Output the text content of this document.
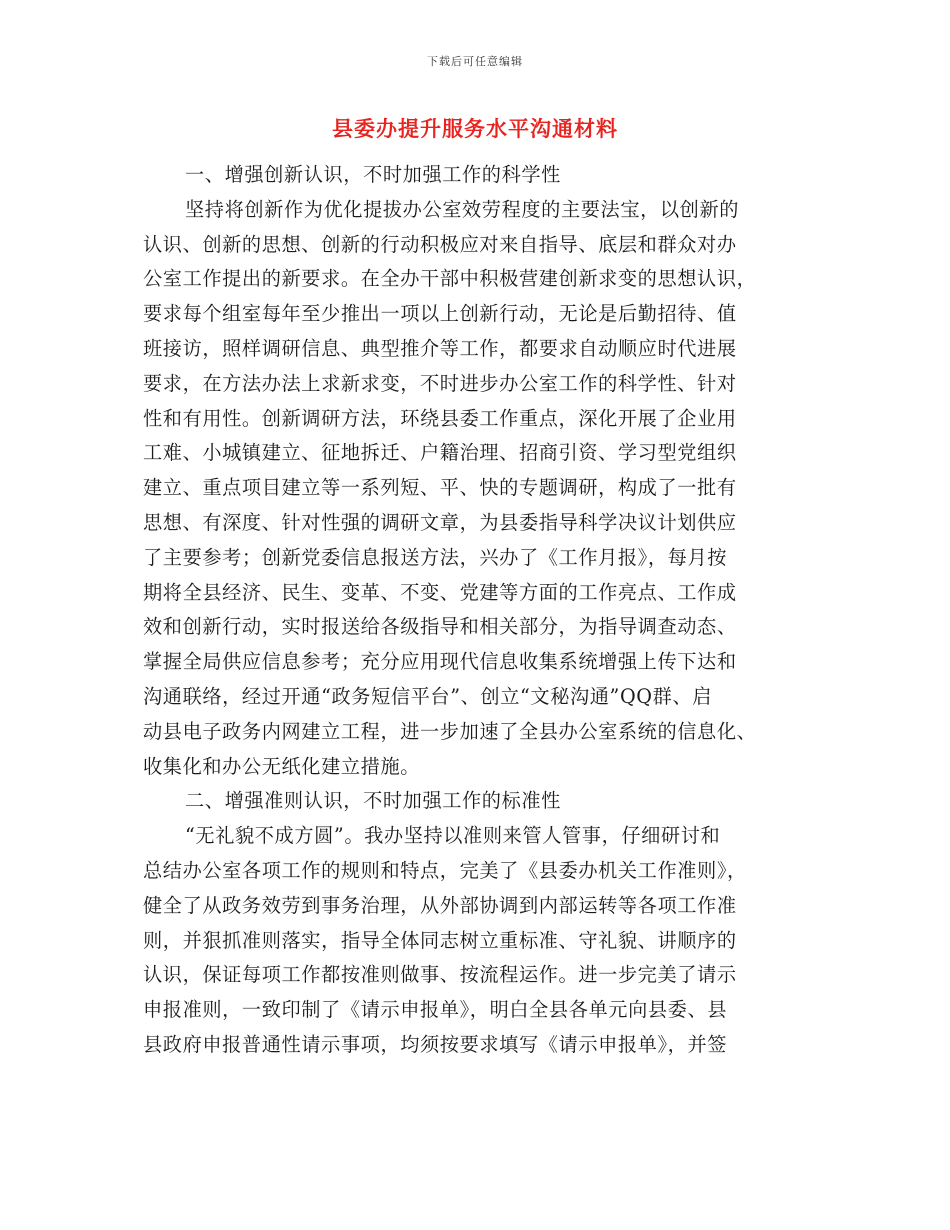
下载后可任意编辑
县委办提升服务水平沟通材料
一、增强创新认识，不时加强工作的科学性
坚持将创新作为优化提拔办公室效劳程度的主要法宝，以创新的
认识、创新的思想、创新的行动积极应对来自指导、底层和群众对办
公室工作提出的新要求。在全办干部中积极营建创新求变的思想认识，
要求每个组室每年至少推出一项以上创新行动，无论是后勤招待、值
班接访，照样调研信息、典型推介等工作，都要求自动顺应时代进展
要求，在方法办法上求新求变，不时进步办公室工作的科学性、针对
性和有用性。创新调研方法，环绕县委工作重点，深化开展了企业用
工难、小城镇建立、征地拆迁、户籍治理、招商引资、学习型党组织
建立、重点项目建立等一系列短、平、快的专题调研，构成了一批有
思想、有深度、针对性强的调研文章，为县委指导科学决议计划供应
了主要参考；创新党委信息报送方法，兴办了《工作月报》，每月按
期将全县经济、民生、变革、不变、党建等方面的工作亮点、工作成
效和创新行动，实时报送给各级指导和相关部分，为指导调查动态、
掌握全局供应信息参考；充分应用现代信息收集系统增强上传下达和
沟通联络，经过开通“政务短信平台”、创立“文秘沟通”QQ群、启
动县电子政务内网建立工程，进一步加速了全县办公室系统的信息化、
收集化和办公无纸化建立措施。
二、增强准则认识，不时加强工作的标准性
“无礼貌不成方圆”。我办坚持以准则来管人管事，仔细研讨和
总结办公室各项工作的规则和特点，完美了《县委办机关工作准则》，
健全了从政务效劳到事务治理，从外部协调到内部运转等各项工作准
则，并狠抓准则落实，指导全体同志树立重标准、守礼貌、讲顺序的
认识，保证每项工作都按准则做事、按流程运作。进一步完美了请示
申报准则，一致印制了《请示申报单》，明白全县各单元向县委、县
县政府申报普通性请示事项，均须按要求填写《请示申报单》，并签
